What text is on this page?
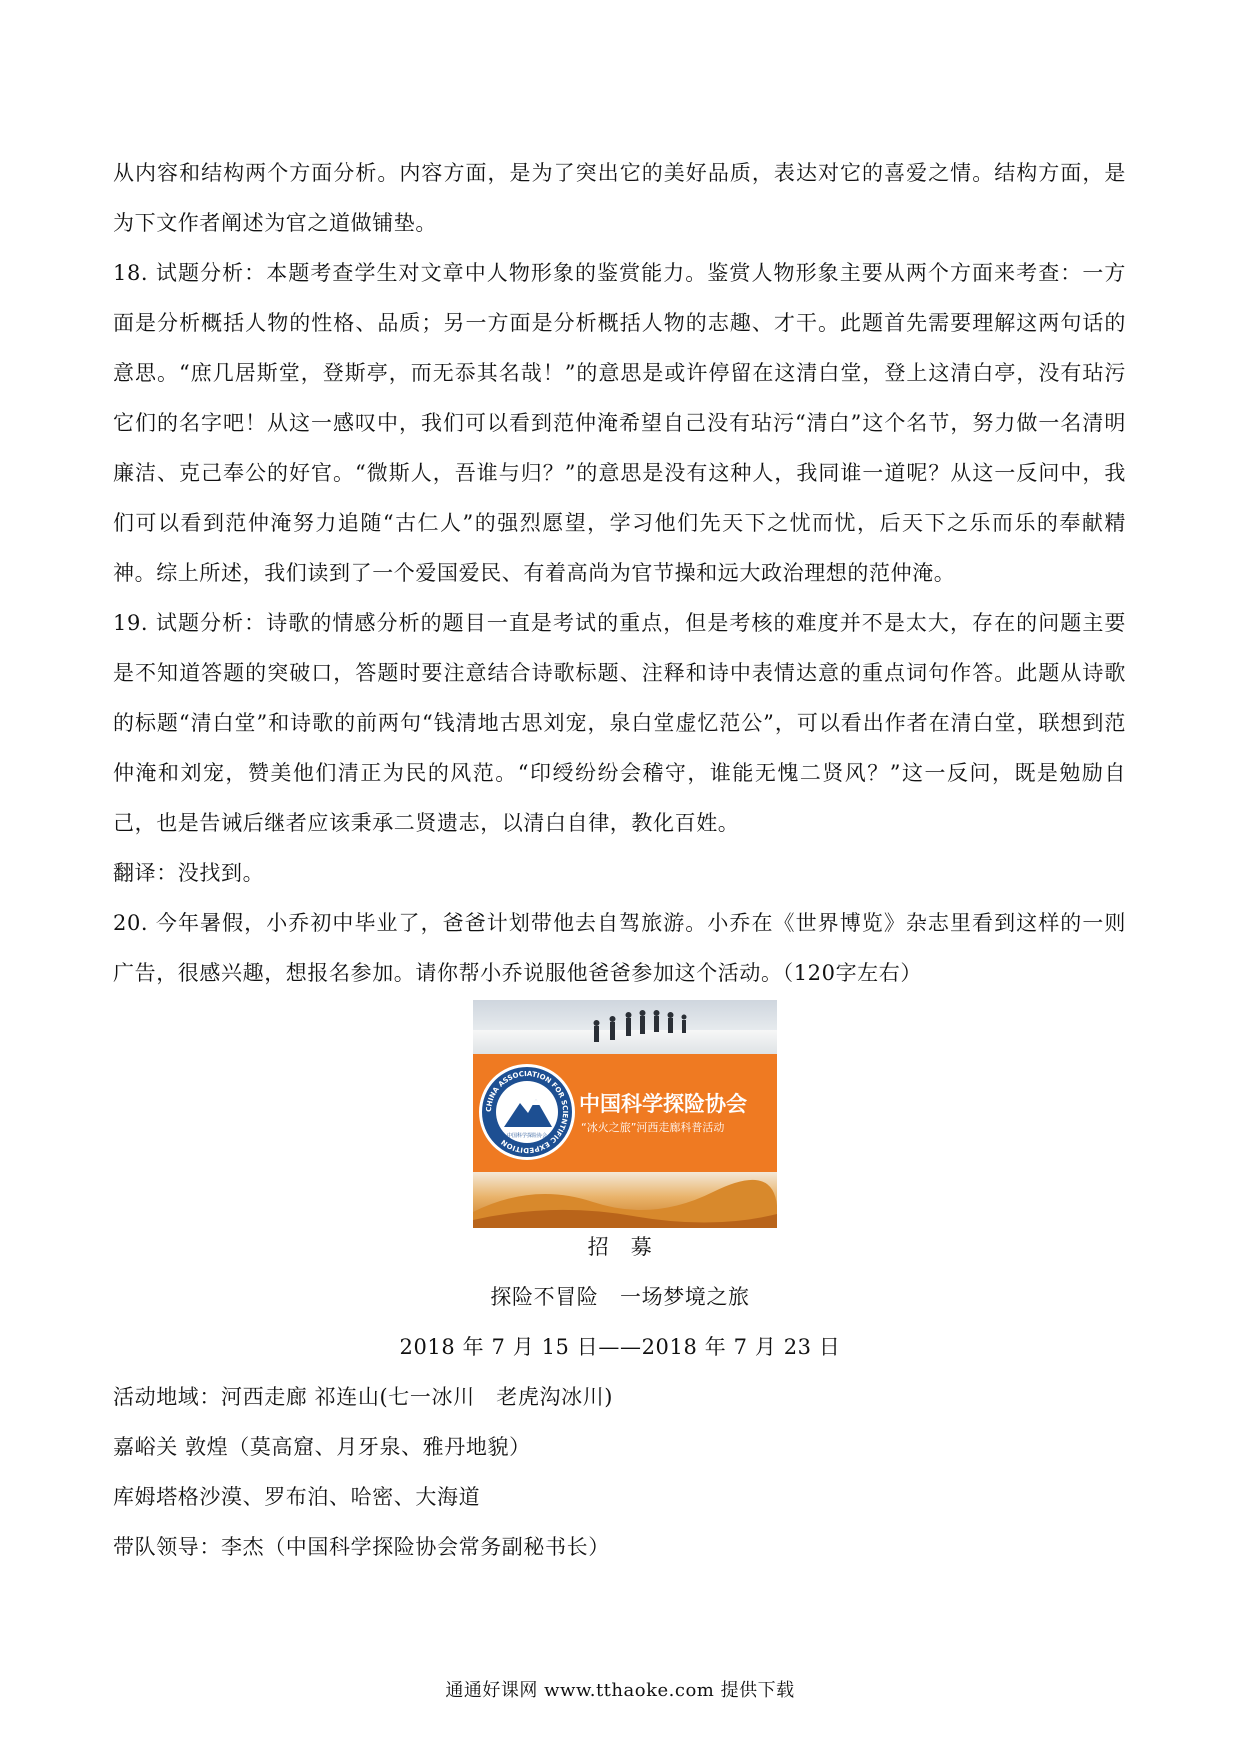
从内容和结构两个方面分析。内容方面，是为了突出它的美好品质，表达对它的喜爱之情。结构方面，是为下文作者阐述为官之道做铺垫。

18. 试题分析：本题考查学生对文章中人物形象的鉴赏能力。鉴赏人物形象主要从两个方面来考查：一方面是分析概括人物的性格、品质；另一方面是分析概括人物的志趣、才干。此题首先需要理解这两句话的意思。“庶几居斯堂，登斯亭，而无忝其名哉！”的意思是或许停留在这清白堂，登上这清白亭，没有玷污它们的名字吧！从这一感叹中，我们可以看到范仲淹希望自己没有玷污“清白”这个名节，努力做一名清明廉洁、克己奉公的好官。“微斯人，吾谁与归？”的意思是没有这种人，我同谁一道呢？从这一反问中，我们可以看到范仲淹努力追随“古仁人”的强烈愿望，学习他们先天下之忧而忧，后天下之乐而乐的奉献精神。综上所述，我们读到了一个爱国爱民、有着高尚为官节操和远大政治理想的范仲淹。

19. 试题分析：诗歌的情感分析的题目一直是考试的重点，但是考核的难度并不是太大，存在的问题主要是不知道答题的突破口，答题时要注意结合诗歌标题、注释和诗中表情达意的重点词句作答。此题从诗歌的标题“清白堂”和诗歌的前两句“钱清地古思刘宠，泉白堂虚忆范公”，可以看出作者在清白堂，联想到范仲淹和刘宠，赞美他们清正为民的风范。“印绶纷纷会稽守，谁能无愧二贤风？”这一反问，既是勉励自己，也是告诫后继者应该秉承二贤遗志，以清白自律，教化百姓。

翻译：没找到。

20. 今年暑假，小乔初中毕业了，爸爸计划带他去自驾旅游。小乔在《世界博览》杂志里看到这样的一则广告，很感兴趣，想报名参加。请你帮小乔说服他爸爸参加这个活动。（120字左右）

CHINA ASSOCIATION FOR SCIENTIFIC EXPEDITION
中国科学探险协会
中国科学探险协会
“冰火之旅”河西走廊科普活动
招　募
探险不冒险　一场梦境之旅
2018 年 7 月 15 日——2018 年 7 月 23 日
活动地域：河西走廊 祁连山(七一冰川　老虎沟冰川)
嘉峪关 敦煌（莫高窟、月牙泉、雅丹地貌）
库姆塔格沙漠、罗布泊、哈密、大海道
带队领导：李杰（中国科学探险协会常务副秘书长）
通通好课网 www.tthaoke.com 提供下载
